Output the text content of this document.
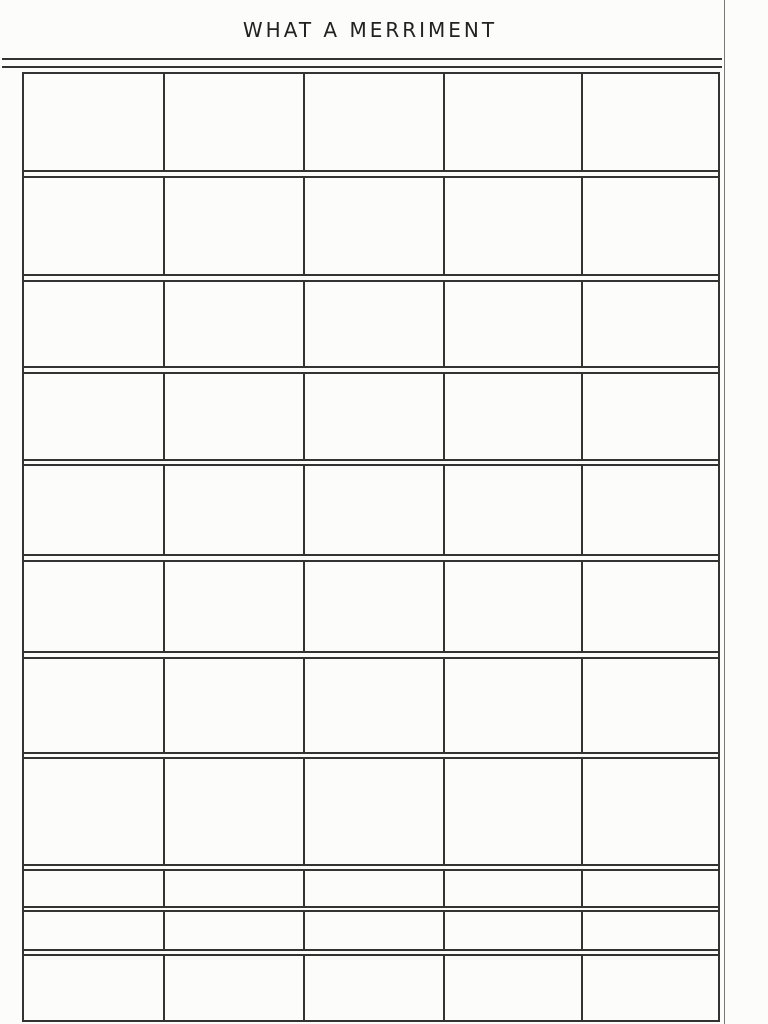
WHAT A MERRIMENT
